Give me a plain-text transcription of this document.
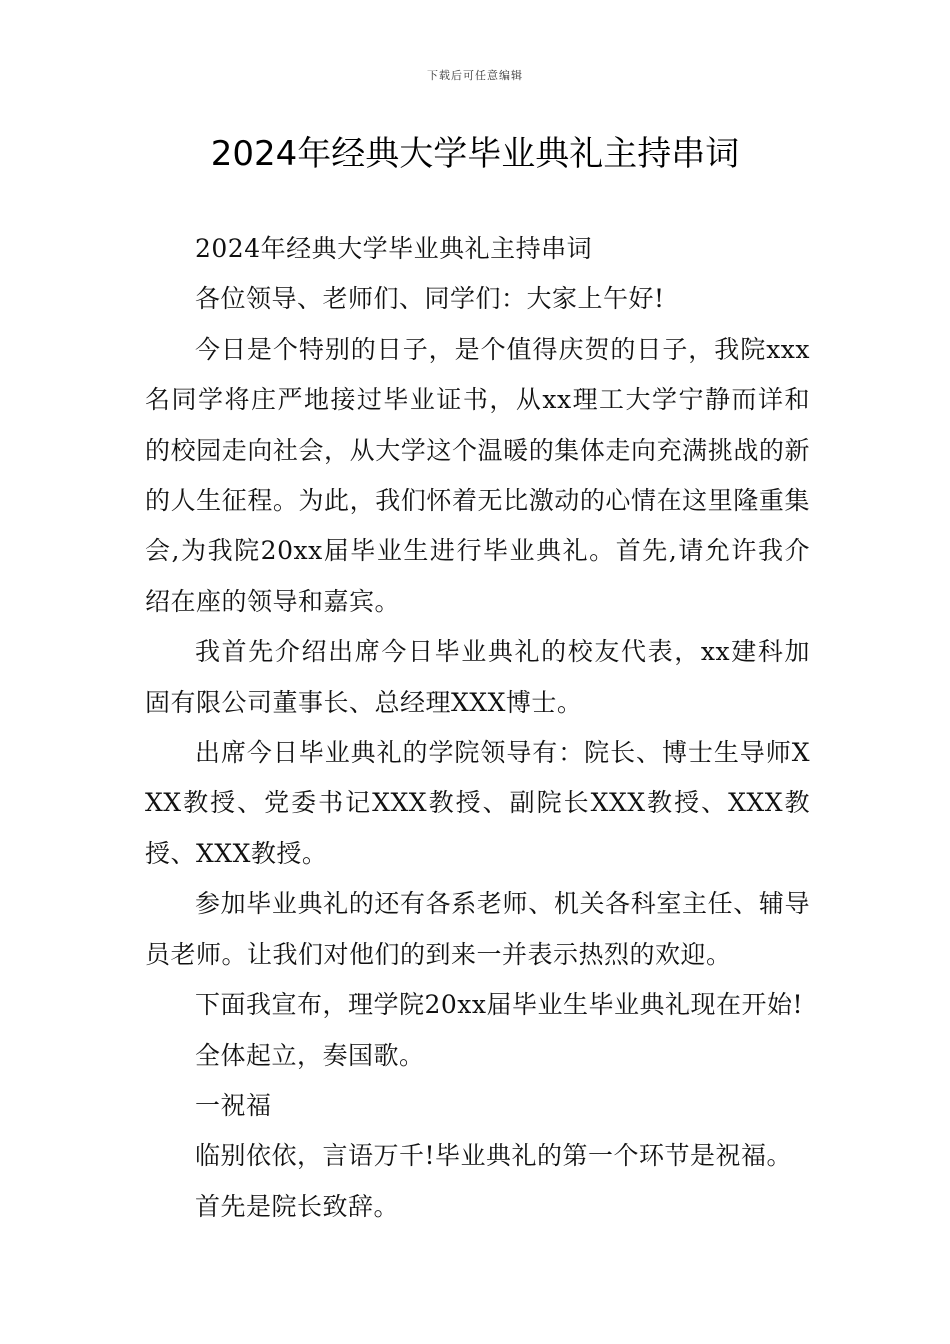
下载后可任意编辑
2024年经典大学毕业典礼主持串词

2024年经典大学毕业典礼主持串词

各位领导、老师们、同学们：大家上午好!

今日是个特别的日子，是个值得庆贺的日子，我院xxx名同学将庄严地接过毕业证书，从xx理工大学宁静而详和的校园走向社会，从大学这个温暖的集体走向充满挑战的新的人生征程。为此，我们怀着无比激动的心情在这里隆重集会,为我院20xx届毕业生进行毕业典礼。首先,请允许我介绍在座的领导和嘉宾。

我首先介绍出席今日毕业典礼的校友代表，xx建科加固有限公司董事长、总经理XXX博士。

出席今日毕业典礼的学院领导有：院长、博士生导师XXX教授、党委书记XXX教授、副院长XXX教授、XXX教授、XXX教授。

参加毕业典礼的还有各系老师、机关各科室主任、辅导员老师。让我们对他们的到来一并表示热烈的欢迎。

下面我宣布，理学院20xx届毕业生毕业典礼现在开始!

全体起立，奏国歌。

一祝福

临别依依，言语万千!毕业典礼的第一个环节是祝福。

首先是院长致辞。
